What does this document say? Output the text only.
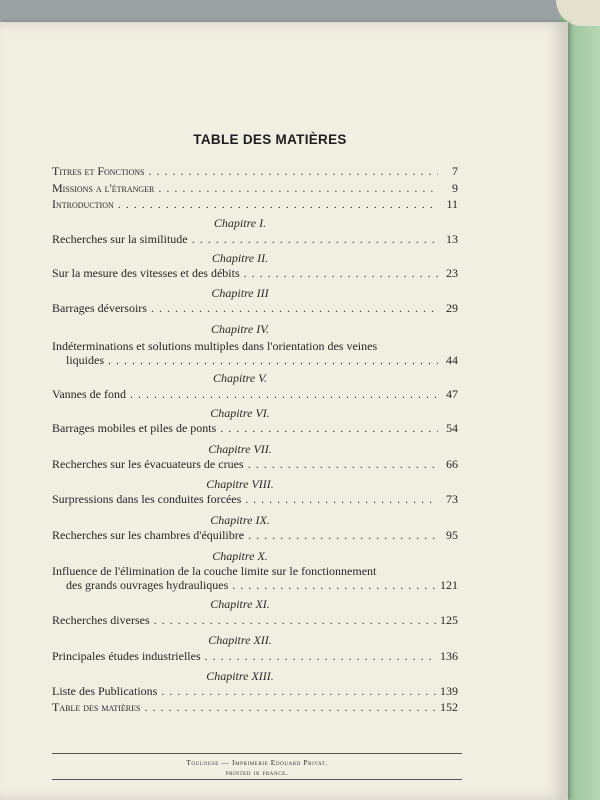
TABLE DES MATIÈRES
Titres et Fonctions . . .	7
Missions a l'étranger . . .	9
Introduction . . .	11
Chapitre I.
Recherches sur la similitude . . .	13
Chapitre II.
Sur la mesure des vitesses et des débits . . .	23
Chapitre III
Barrages déversoirs . . .	29
Chapitre IV.
Indéterminations et solutions multiples dans l'orientation des veines
liquides . . .	44
Chapitre V.
Vannes de fond . . .	47
Chapitre VI.
Barrages mobiles et piles de ponts . . .	54
Chapitre VII.
Recherches sur les évacuateurs de crues . . .	66
Chapitre VIII.
Surpressions dans les conduites forcées . . .	73
Chapitre IX.
Recherches sur les chambres d'équilibre . . .	95
Chapitre X.
Influence de l'élimination de la couche limite sur le fonctionnement
des grands ouvrages hydrauliques . . .	121
Chapitre XI.
Recherches diverses . . .	125
Chapitre XII.
Principales études industrielles . . .	136
Chapitre XIII.
Liste des Publications . . .	139
Table des matières . . .	152
Toulouse — Imprimerie Edouard Privat.
printed in france.
